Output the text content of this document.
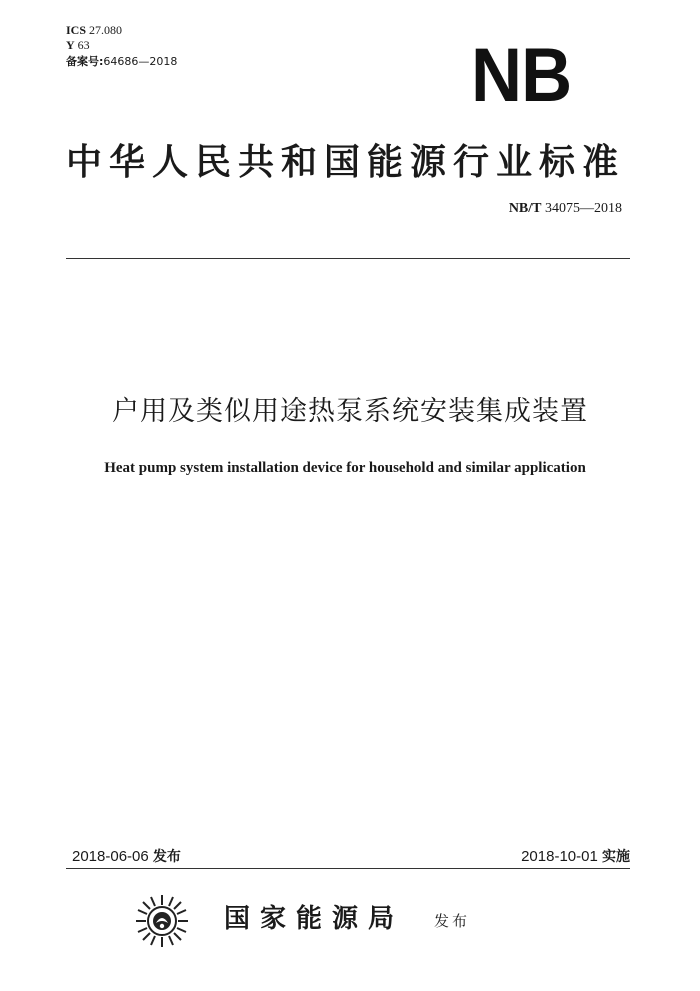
ICS 27.080
Y 63
备案号:64686—2018	NB
中华人民共和国能源行业标准
NB/T 34075—2018
户用及类似用途热泵系统安装集成装置
Heat pump system installation device for household and similar application
2018-06-06 发布	2018-10-01 实施
国家能源局 发布
